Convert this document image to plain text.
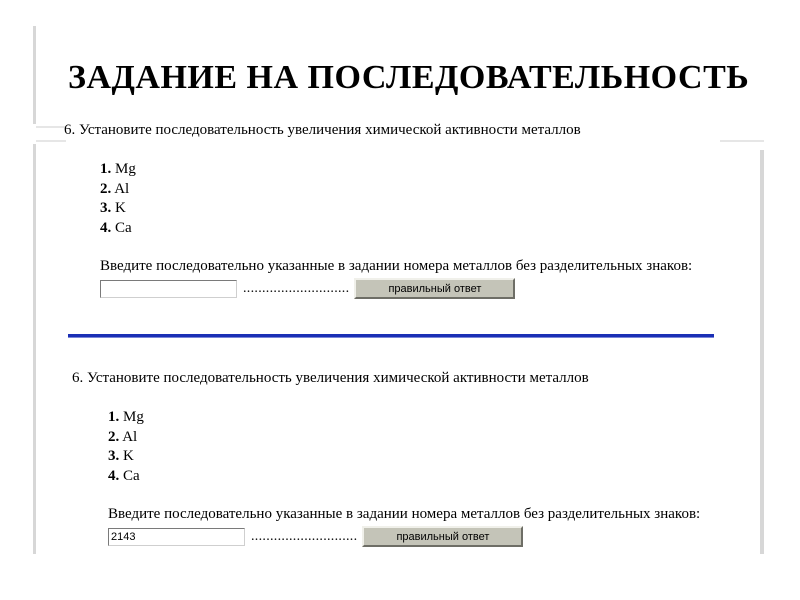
ЗАДАНИЕ НА ПОСЛЕДОВАТЕЛЬНОСТЬ
6. Установите последовательность увеличения химической активности металлов
1. Mg
2. Al
3. K
4. Ca
Введите последовательно указанные в задании номера металлов без разделительных знаков:
............................	правильный ответ
6. Установите последовательность увеличения химической активности металлов
1. Mg
2. Al
3. K
4. Ca
Введите последовательно указанные в задании номера металлов без разделительных знаков:
2143
............................	правильный ответ
